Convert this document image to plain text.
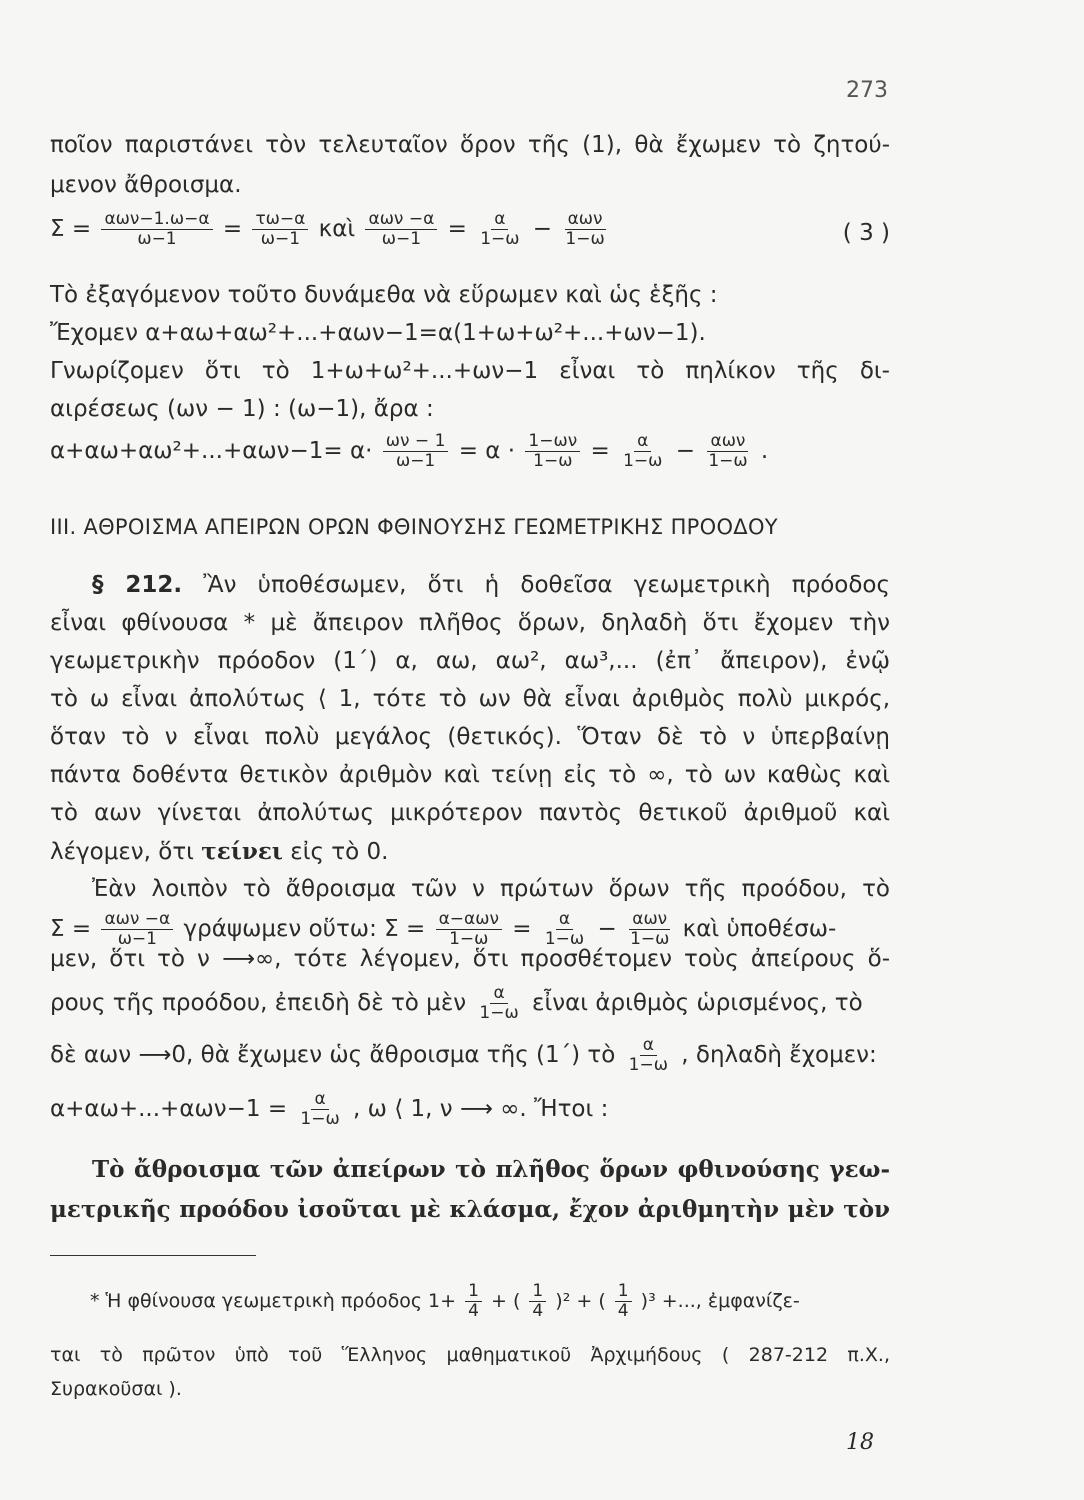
273
ποῖον παριστάνει τὸν τελευταῖον ὅρον τῆς (1), θὰ ἔχωμεν τὸ ζητού-
μενον ἄθροισμα.
$\Sigma = \frac{\text{αων−1.ω−α}}{\omega-1} = \frac{\tau\omega-\alpha}{\omega-1}$ καὶ $\frac{\text{αων −α}}{\omega-1} = \frac{\alpha}{1-\omega} - \frac{\text{αων}}{1-\omega}$	( 3 )
Τὸ ἐξαγόμενον τοῦτο δυνάμεθα νὰ εὕρωμεν καὶ ὡς ἑξῆς :
Ἔχομεν α+αω+αω²+...+αων−1=α(1+ω+ω²+...+ων−1).
Γνωρίζομεν ὅτι τὸ 1+ω+ω²+...+ων−1 εἶναι τὸ πηλίκον τῆς δι-
αιρέσεως (ων − 1) : (ω−1), ἄρα :
$\alpha+\alpha\omega+\alpha\omega^2+...+\alpha\omega\nu-1= \alpha\cdot \frac{\omega\nu - 1}{\omega-1} = \alpha \cdot \frac{1-\omega\nu}{1-\omega} = \frac{\alpha}{1-\omega} - \frac{\text{αων}}{1-\omega}$ .
III. ΑΘΡΟΙΣΜΑ ΑΠΕΙΡΩΝ ΟΡΩΝ ΦΘΙΝΟΥΣΗΣ ΓΕΩΜΕΤΡΙΚΗΣ ΠΡΟΟΔΟΥ
§ 212. Ἂν ὑποθέσωμεν, ὅτι ἡ δοθεῖσα γεωμετρικὴ πρόοδος
εἶναι φθίνουσα * μὲ ἄπειρον πλῆθος ὅρων, δηλαδὴ ὅτι ἔχομεν τὴν
γεωμετρικὴν πρόοδον (1΄) α, αω, αω², αω³,... (ἐπ᾽ ἄπειρον), ἐνῷ
τὸ ω εἶναι ἀπολύτως ⟨ 1, τότε τὸ ων θὰ εἶναι ἀριθμὸς πολὺ μικρός,
ὅταν τὸ ν εἶναι πολὺ μεγάλος (θετικός). Ὅταν δὲ τὸ ν ὑπερβαίνῃ
πάντα δοθέντα θετικὸν ἀριθμὸν καὶ τείνῃ εἰς τὸ ∞, τὸ ων καθὼς καὶ
τὸ αων γίνεται ἀπολύτως μικρότερον παντὸς θετικοῦ ἀριθμοῦ καὶ
λέγομεν, ὅτι τείνει εἰς τὸ 0.
Ἐὰν λοιπὸν τὸ ἄθροισμα τῶν ν πρώτων ὅρων τῆς προόδου, τὸ
$\Sigma = \frac{\text{αων −α}}{\omega-1}$ γράψωμεν οὕτω: $\Sigma = \frac{\text{α−αων}}{1-\omega} = \frac{\alpha}{1-\omega} - \frac{\text{αων}}{1-\omega}$ καὶ ὑποθέσω-
μεν, ὅτι τὸ ν ⟶∞, τότε λέγομεν, ὅτι προσθέτομεν τοὺς ἀπείρους ὅ-
ρους τῆς προόδου, ἐπειδὴ δὲ τὸ μὲν $\frac{\alpha}{1-\omega}$ εἶναι ἀριθμὸς ὡρισμένος, τὸ
δὲ αων ⟶0, θὰ ἔχωμεν ὡς ἄθροισμα τῆς (1΄) τὸ $\frac{\alpha}{1-\omega}$ , δηλαδὴ ἔχομεν:
$\alpha+\alpha\omega+...+\alpha\omega\nu-1 = \frac{\alpha}{1-\omega}$ , ω ⟨ 1, ν ⟶ ∞. Ἤτοι :
Τὸ ἄθροισμα τῶν ἀπείρων τὸ πλῆθος ὅρων φθινούσης γεω-
μετρικῆς προόδου ἰσοῦται μὲ κλάσμα, ἔχον ἀριθμητὴν μὲν τὸν
* Ἡ φθίνουσα γεωμετρικὴ πρόοδος $1+ \frac{1}{4}$ + ( $\frac{1}{4} )^2$ + ( $\frac{1}{4} )^3$ +..., ἐμφανίζε-
ται τὸ πρῶτον ὑπὸ τοῦ Ἕλληνος μαθηματικοῦ Ἀρχιμήδους ( 287-212 π.Χ.,
Συρακοῦσαι ).
18
